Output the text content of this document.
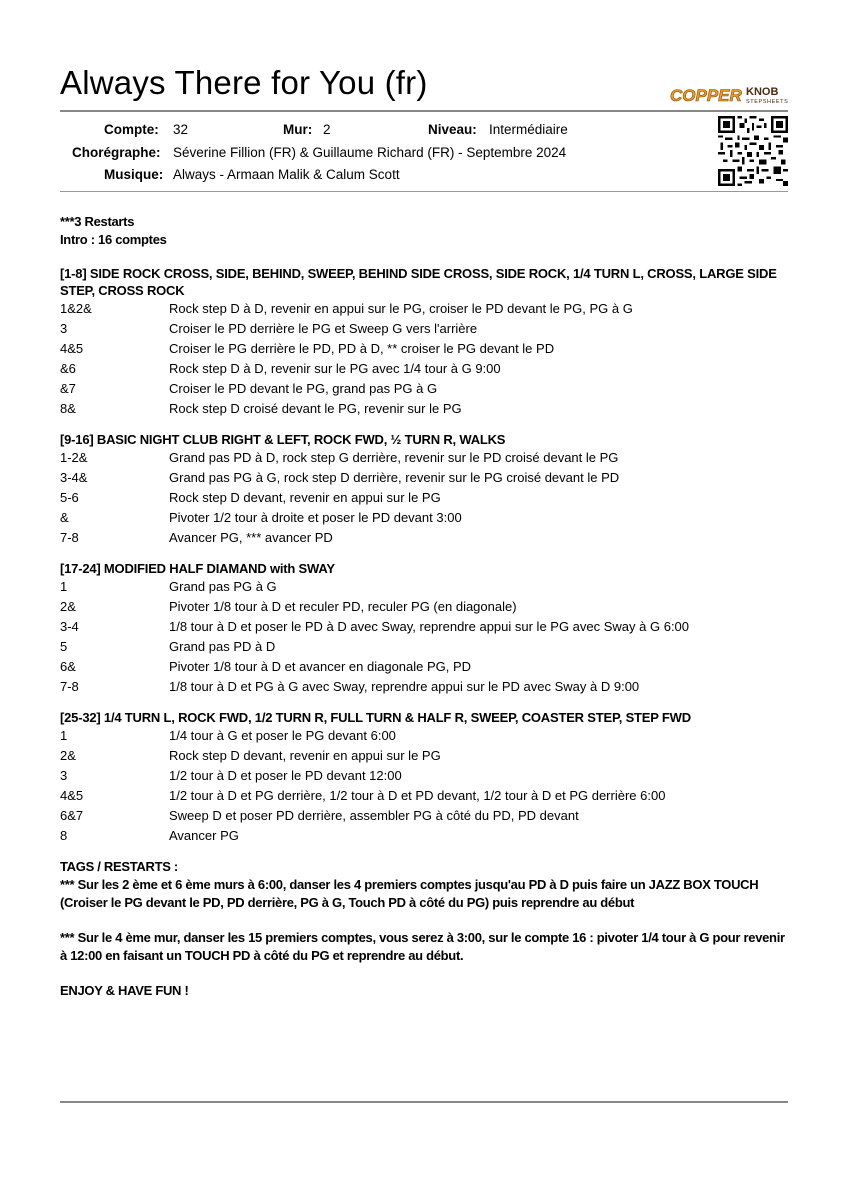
Always There for You (fr)	COPPER KNOB
STEPSHEETS
Compte: 32	Mur: 2	Niveau: Intermédiaire
Chorégraphe: Séverine Fillion (FR) & Guillaume Richard (FR) - Septembre 2024
Musique: Always - Armaan Malik & Calum Scott
***3 Restarts
Intro : 16 comptes
[1-8] SIDE ROCK CROSS, SIDE, BEHIND, SWEEP, BEHIND SIDE CROSS, SIDE ROCK, 1/4 TURN L, CROSS, LARGE SIDE STEP, CROSS ROCK
1&2&	Rock step D à D, revenir en appui sur le PG, croiser le PD devant le PG, PG à G
3	Croiser le PD derrière le PG et Sweep G vers l'arrière
4&5	Croiser le PG derrière le PD, PD à D, ** croiser le PG devant le PD
&6	Rock step D à D, revenir sur le PG avec 1/4 tour à G 9:00
&7	Croiser le PD devant le PG, grand pas PG à G
8&	Rock step D croisé devant le PG, revenir sur le PG
[9-16] BASIC NIGHT CLUB RIGHT & LEFT, ROCK FWD, ½ TURN R, WALKS
1-2&	Grand pas PD à D, rock step G derrière, revenir sur le PD croisé devant le PG
3-4&	Grand pas PG à G, rock step D derrière, revenir sur le PG croisé devant le PD
5-6	Rock step D devant, revenir en appui sur le PG
&	Pivoter 1/2 tour à droite et poser le PD devant 3:00
7-8	Avancer PG, *** avancer PD
[17-24] MODIFIED HALF DIAMAND with SWAY
1	Grand pas PG à G
2&	Pivoter 1/8 tour à D et reculer PD, reculer PG (en diagonale)
3-4	1/8 tour à D et poser le PD à D avec Sway, reprendre appui sur le PG avec Sway à G 6:00
5	Grand pas PD à D
6&	Pivoter 1/8 tour à D et avancer en diagonale PG, PD
7-8	1/8 tour à D et PG à G avec Sway, reprendre appui sur le PD avec Sway à D 9:00
[25-32] 1/4 TURN L, ROCK FWD, 1/2 TURN R, FULL TURN & HALF R, SWEEP, COASTER STEP, STEP FWD
1	1/4 tour à G et poser le PG devant 6:00
2&	Rock step D devant, revenir en appui sur le PG
3	1/2 tour à D et poser le PD devant 12:00
4&5	1/2 tour à D et PG derrière, 1/2 tour à D et PD devant, 1/2 tour à D et PG derrière 6:00
6&7	Sweep D et poser PD derrière, assembler PG à côté du PD, PD devant
8	Avancer PG
TAGS / RESTARTS :
*** Sur les 2 ème et 6 ème murs à 6:00, danser les 4 premiers comptes jusqu'au PD à D puis faire un JAZZ BOX TOUCH (Croiser le PG devant le PD, PD derrière, PG à G, Touch PD à côté du PG) puis reprendre au début
*** Sur le 4 ème mur, danser les 15 premiers comptes, vous serez à 3:00, sur le compte 16 : pivoter 1/4 tour à G pour revenir à 12:00 en faisant un TOUCH PD à côté du PG et reprendre au début.
ENJOY & HAVE FUN !
